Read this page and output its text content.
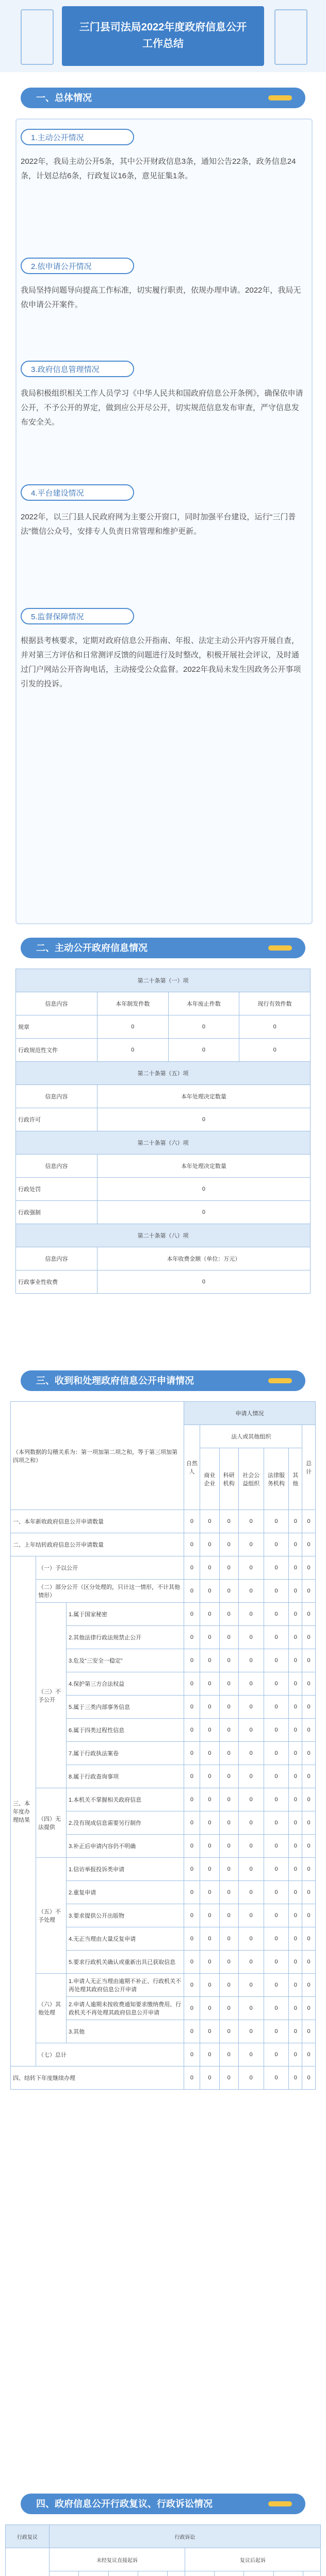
三门县司法局2022年度政府信息公开
工作总结
一、总体情况
1.主动公开情况
2022年，我局主动公开5条，其中公开财政信息3条，通知公告22条，政务信息24条，计划总结6条，行政复议16条，意见征集1条。
2.依申请公开情况
我局坚持问题导向提高工作标准，切实履行职责，依规办理申请。2022年，我局无依申请公开案件。
3.政府信息管理情况
我局积极组织相关工作人员学习《中华人民共和国政府信息公开条例》，确保依申请公开，不予公开的界定，做到应公开尽公开，切实规范信息发布审查，严守信息发布安全关。
4.平台建设情况
2022年，以三门县人民政府网为主要公开窗口，同时加强平台建设，运行“三门普法”微信公众号，安排专人负责日常管理和维护更新。
5.监督保障情况
根据县考核要求，定期对政府信息公开指南、年报、法定主动公开内容开展自查，并对第三方评估和日常测评反馈的问题进行及时整改，积极开展社会评议，及时通过门户网站公开咨询电话，主动接受公众监督。2022年我局未发生因政务公开事项引发的投诉。
二、主动公开政府信息情况
第二十条第（一）项			
信息内容	本年制发件数	本年废止件数	现行有效件数
规章	0	0	0
行政规范性文件	0	0	0
第二十条第（五）项			
信息内容	本年处理决定数量		
行政许可	0		
第二十条第（六）项			
信息内容	本年处理决定数量		
行政处罚	0		
行政强制	0		
第二十条第（八）项			
信息内容	本年收费金额（单位：万元）		
行政事业性收费	0		
三、收到和处理政府信息公开申请情况
（本列数据的勾稽关系为：第一项加第二项之和，等于第三项加第四项之和）			申请人情况						
			自然人	法人或其他组织					总计
				商业企业	科研机构	社会公益组织	法律服务机构	其他	
一、本年新收政府信息公开申请数量			0	0	0	0	0	0	0
二、上年结转政府信息公开申请数量			0	0	0	0	0	0	0
三、本年度办理结果	（一）予以公开		0	0	0	0	0	0	0
	（二）部分公开（区分处理的，只计这一情形，不计其他情形）		0	0	0	0	0	0	0
	（三）不予公开	1.属于国家秘密	0	0	0	0	0	0	0
		2.其他法律行政法规禁止公开	0	0	0	0	0	0	0
		3.危及“三安全一稳定”	0	0	0	0	0	0	0
		4.保护第三方合法权益	0	0	0	0	0	0	0
		5.属于三类内部事务信息	0	0	0	0	0	0	0
		6.属于四类过程性信息	0	0	0	0	0	0	0
		7.属于行政执法案卷	0	0	0	0	0	0	0
		8.属于行政查询事项	0	0	0	0	0	0	0
	（四）无法提供	1.本机关不掌握相关政府信息	0	0	0	0	0	0	0
		2.没有现成信息需要另行制作	0	0	0	0	0	0	0
		3.补正后申请内容仍不明确	0	0	0	0	0	0	0
	（五）不予处理	1.信访举报投诉类申请	0	0	0	0	0	0	0
		2.重复申请	0	0	0	0	0	0	0
		3.要求提供公开出版物	0	0	0	0	0	0	0
		4.无正当理由大量反复申请	0	0	0	0	0	0	0
		5.要求行政机关确认或重新出具已获取信息	0	0	0	0	0	0	0
	（六）其他处理	1.申请人无正当理由逾期不补正、行政机关不再处理其政府信息公开申请	0	0	0	0	0	0	0
		2.申请人逾期未按收费通知要求缴纳费用、行政机关不再处理其政府信息公开申请	0	0	0	0	0	0	0
		3.其他	0	0	0	0	0	0	0
	（七）总计		0	0	0	0	0	0	0
四、结转下年度继续办理			0	0	0	0	0	0	0
四、政府信息公开行政复议、行政诉讼情况
行政复议					行政诉讼									
					未经复议直接起诉					复议后起诉				
